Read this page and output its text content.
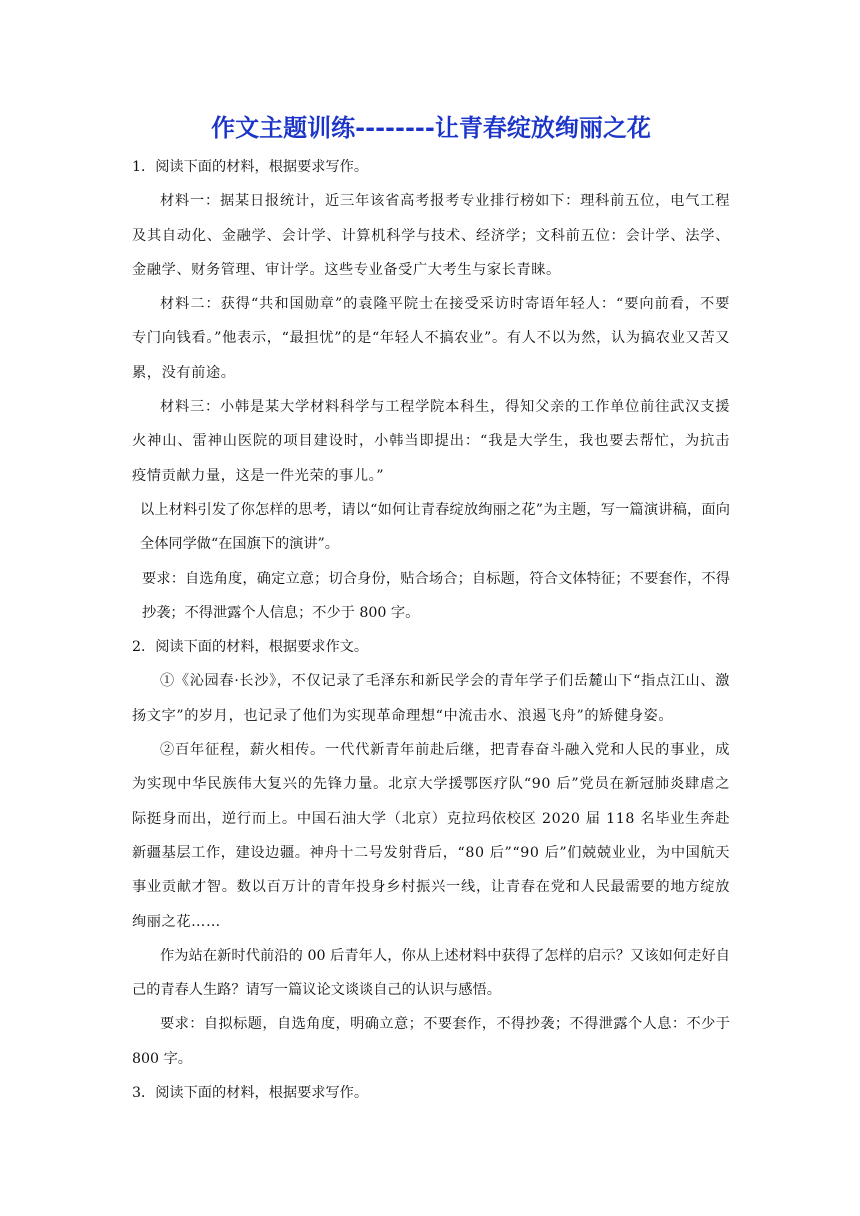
作文主题训练--------让青春绽放绚丽之花

1．阅读下面的材料，根据要求写作。

材料一：据某日报统计，近三年该省高考报考专业排行榜如下：理科前五位，电气工程及其自动化、金融学、会计学、计算机科学与技术、经济学；文科前五位：会计学、法学、金融学、财务管理、审计学。这些专业备受广大考生与家长青睐。

材料二：获得“共和国勋章”的袁隆平院士在接受采访时寄语年轻人：“要向前看，不要专门向钱看。”他表示，“最担忧”的是“年轻人不搞农业”。有人不以为然，认为搞农业又苦又累，没有前途。

材料三：小韩是某大学材料科学与工程学院本科生，得知父亲的工作单位前往武汉支援火神山、雷神山医院的项目建设时，小韩当即提出：“我是大学生，我也要去帮忙，为抗击疫情贡献力量，这是一件光荣的事儿。”

以上材料引发了你怎样的思考，请以“如何让青春绽放绚丽之花”为主题，写一篇演讲稿，面向全体同学做“在国旗下的演讲”。

要求：自选角度，确定立意；切合身份，贴合场合；自标题，符合文体特征；不要套作，不得抄袭；不得泄露个人信息；不少于 800 字。

2．阅读下面的材料，根据要求作文。

①《沁园春·长沙》，不仅记录了毛泽东和新民学会的青年学子们岳麓山下“指点江山、激扬文字”的岁月，也记录了他们为实现革命理想“中流击水、浪遏飞舟”的矫健身姿。

②百年征程，薪火相传。一代代新青年前赴后继，把青春奋斗融入党和人民的事业，成为实现中华民族伟大复兴的先锋力量。北京大学援鄂医疗队“90 后”党员在新冠肺炎肆虐之际挺身而出，逆行而上。中国石油大学（北京）克拉玛依校区 2020 届 118 名毕业生奔赴新疆基层工作，建设边疆。神舟十二号发射背后，“80 后”“90 后”们兢兢业业，为中国航天事业贡献才智。数以百万计的青年投身乡村振兴一线，让青春在党和人民最需要的地方绽放绚丽之花……

作为站在新时代前沿的 00 后青年人，你从上述材料中获得了怎样的启示？又该如何走好自己的青春人生路？请写一篇议论文谈谈自己的认识与感悟。

要求：自拟标题，自选角度，明确立意；不要套作，不得抄袭；不得泄露个人息：不少于 800 字。

3．阅读下面的材料，根据要求写作。
